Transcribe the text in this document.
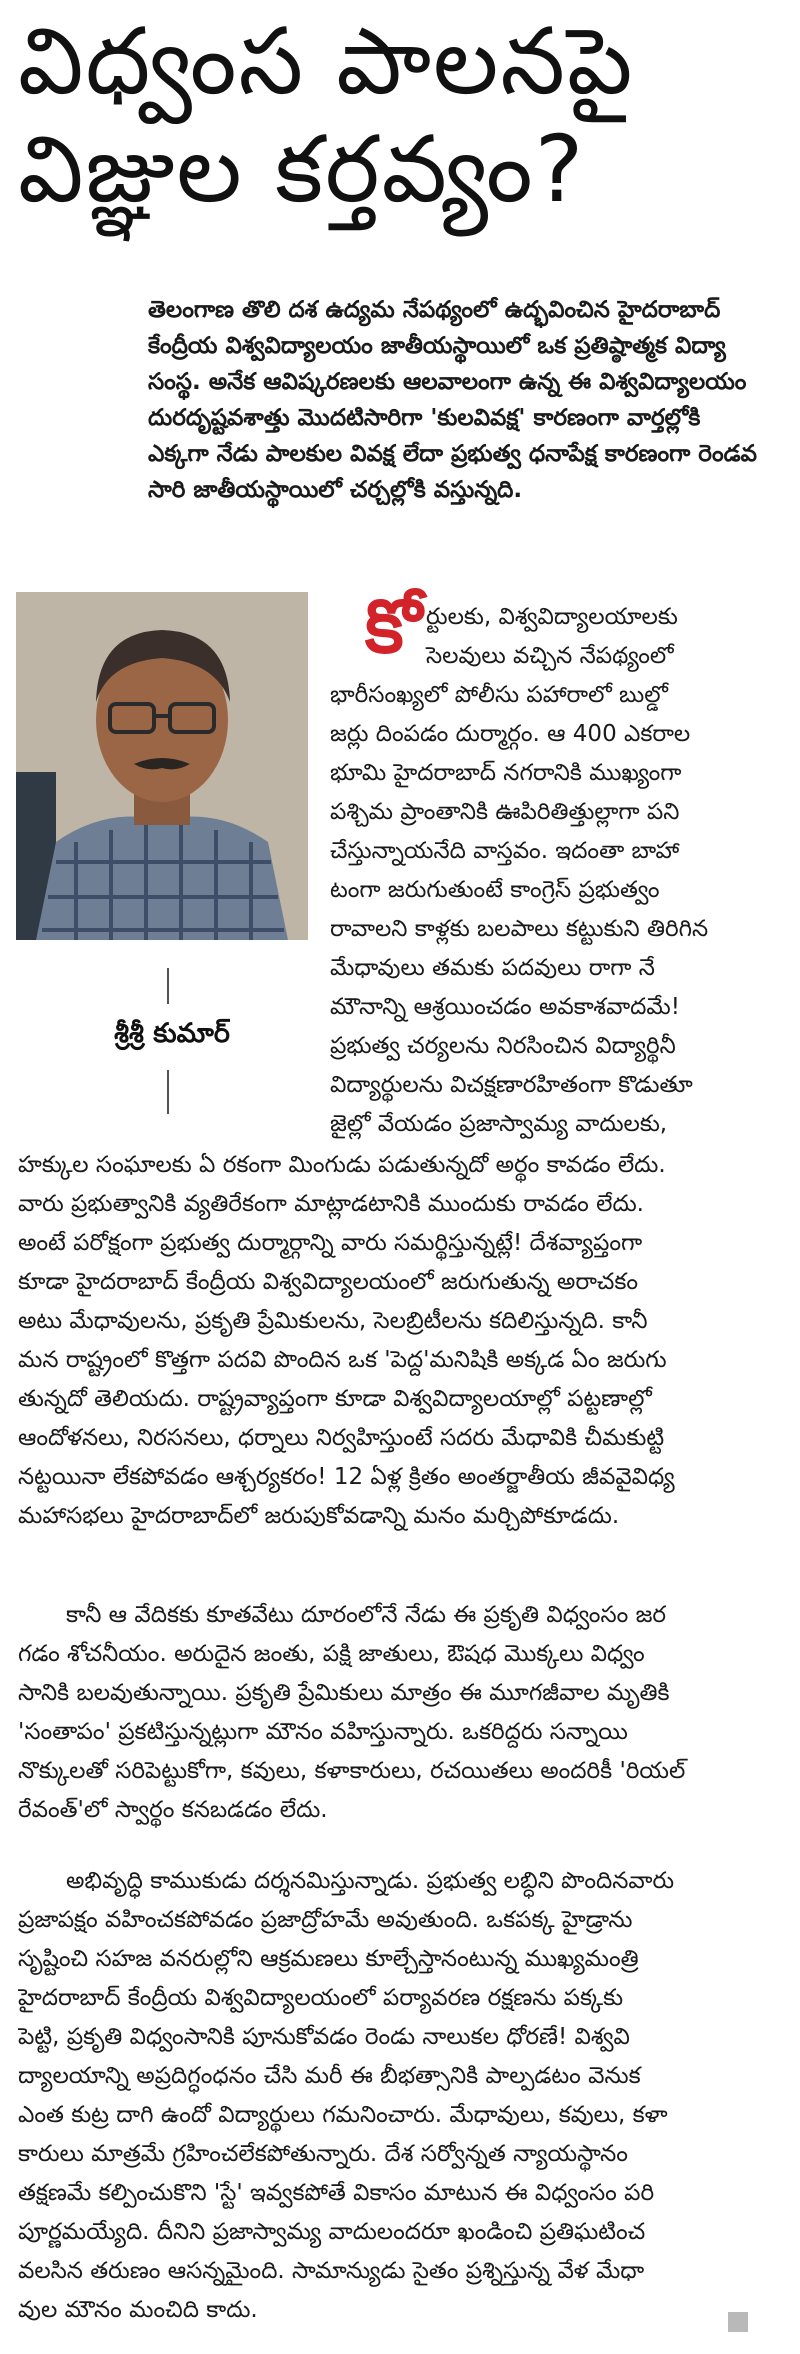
విధ్వంస పాలనపై
విజ్ఞుల కర్తవ్యం?
తెలంగాణ తొలి దశ ఉద్యమ నేపథ్యంలో ఉద్భవించిన హైదరాబాద్
కేంద్రీయ విశ్వవిద్యాలయం జాతీయస్థాయిలో ఒక ప్రతిష్ఠాత్మక విద్యా
సంస్థ. అనేక ఆవిష్కరణలకు ఆలవాలంగా ఉన్న ఈ విశ్వవిద్యాలయం
దురదృష్టవశాత్తు మొదటిసారిగా 'కులవివక్ష' కారణంగా వార్తల్లోకి
ఎక్కగా నేడు పాలకుల వివక్ష లేదా ప్రభుత్వ ధనాపేక్ష కారణంగా రెండవ
సారి జాతీయస్థాయిలో చర్చల్లోకి వస్తున్నది.
శ్రీశ్రీ కుమార్
కో ర్టులకు, విశ్వవిద్యాలయాలకు
సెలవులు వచ్చిన నేపథ్యంలో
భారీసంఖ్యలో పోలీసు పహారాలో బుల్డో
జర్లు దింపడం దుర్మార్గం. ఆ 400 ఎకరాల
భూమి హైదరాబాద్ నగరానికి ముఖ్యంగా
పశ్చిమ ప్రాంతానికి ఊపిరితిత్తుల్లాగా పని
చేస్తున్నాయనేది వాస్తవం. ఇదంతా బాహా
టంగా జరుగుతుంటే కాంగ్రెస్ ప్రభుత్వం
రావాలని కాళ్లకు బలపాలు కట్టుకుని తిరిగిన
మేధావులు తమకు పదవులు రాగా నే
మౌనాన్ని ఆశ్రయించడం అవకాశవాదమే!
ప్రభుత్వ చర్యలను నిరసించిన విద్యార్థినీ
విద్యార్థులను విచక్షణారహితంగా కొడుతూ
జైల్లో వేయడం ప్రజాస్వామ్య వాదులకు,
హక్కుల సంఘాలకు ఏ రకంగా మింగుడు పడుతున్నదో అర్థం కావడం లేదు.
వారు ప్రభుత్వానికి వ్యతిరేకంగా మాట్లాడటానికి ముందుకు రావడం లేదు.
అంటే పరోక్షంగా ప్రభుత్వ దుర్మార్గాన్ని వారు సమర్థిస్తున్నట్లే! దేశవ్యాప్తంగా
కూడా హైదరాబాద్ కేంద్రీయ విశ్వవిద్యాలయంలో జరుగుతున్న అరాచకం
అటు మేధావులను, ప్రకృతి ప్రేమికులను, సెలబ్రిటీలను కదిలిస్తున్నది. కానీ
మన రాష్ట్రంలో కొత్తగా పదవి పొందిన ఒక 'పెద్ద'మనిషికి అక్కడ ఏం జరుగు
తున్నదో తెలియదు. రాష్ట్రవ్యాప్తంగా కూడా విశ్వవిద్యాలయాల్లో పట్టణాల్లో
ఆందోళనలు, నిరసనలు, ధర్నాలు నిర్వహిస్తుంటే సదరు మేధావికి చీమకుట్టి
నట్టయినా లేకపోవడం ఆశ్చర్యకరం! 12 ఏళ్ల క్రితం అంతర్జాతీయ జీవవైవిధ్య
మహాసభలు హైదరాబాద్‌లో జరుపుకోవడాన్ని మనం మర్చిపోకూడదు.
కానీ ఆ వేదికకు కూతవేటు దూరంలోనే నేడు ఈ ప్రకృతి విధ్వంసం జర
గడం శోచనీయం. అరుదైన జంతు, పక్షి జాతులు, ఔషధ మొక్కలు విధ్వం
సానికి బలవుతున్నాయి. ప్రకృతి ప్రేమికులు మాత్రం ఈ మూగజీవాల మృతికి
'సంతాపం' ప్రకటిస్తున్నట్లుగా మౌనం వహిస్తున్నారు. ఒకరిద్దరు సన్నాయి
నొక్కులతో సరిపెట్టుకోగా, కవులు, కళాకారులు, రచయితలు అందరికీ 'రియల్
రేవంత్'లో స్వార్థం కనబడడం లేదు.
అభివృద్ధి కాముకుడు దర్శనమిస్తున్నాడు. ప్రభుత్వ లబ్ధిని పొందినవారు
ప్రజాపక్షం వహించకపోవడం ప్రజాద్రోహమే అవుతుంది. ఒకపక్క హైడ్రాను
సృష్టించి సహజ వనరుల్లోని ఆక్రమణలు కూల్చేస్తానంటున్న ముఖ్యమంత్రి
హైదరాబాద్ కేంద్రీయ విశ్వవిద్యాలయంలో పర్యావరణ రక్షణను పక్కకు
పెట్టి, ప్రకృతి విధ్వంసానికి పూనుకోవడం రెండు నాలుకల ధోరణే! విశ్వవి
ద్యాలయాన్ని అప్రదిగ్ధంధనం చేసి మరీ ఈ బీభత్సానికి పాల్పడటం వెనుక
ఎంత కుట్ర దాగి ఉందో విద్యార్థులు గమనించారు. మేధావులు, కవులు, కళా
కారులు మాత్రమే గ్రహించలేకపోతున్నారు. దేశ సర్వోన్నత న్యాయస్థానం
తక్షణమే కల్పించుకొని 'స్టే' ఇవ్వకపోతే వికాసం మాటున ఈ విధ్వంసం పరి
పూర్ణమయ్యేది. దీనిని ప్రజాస్వామ్య వాదులందరూ ఖండించి ప్రతిఘటించ
వలసిన తరుణం ఆసన్నమైంది. సామాన్యుడు సైతం ప్రశ్నిస్తున్న వేళ మేధా
వుల మౌనం మంచిది కాదు.
